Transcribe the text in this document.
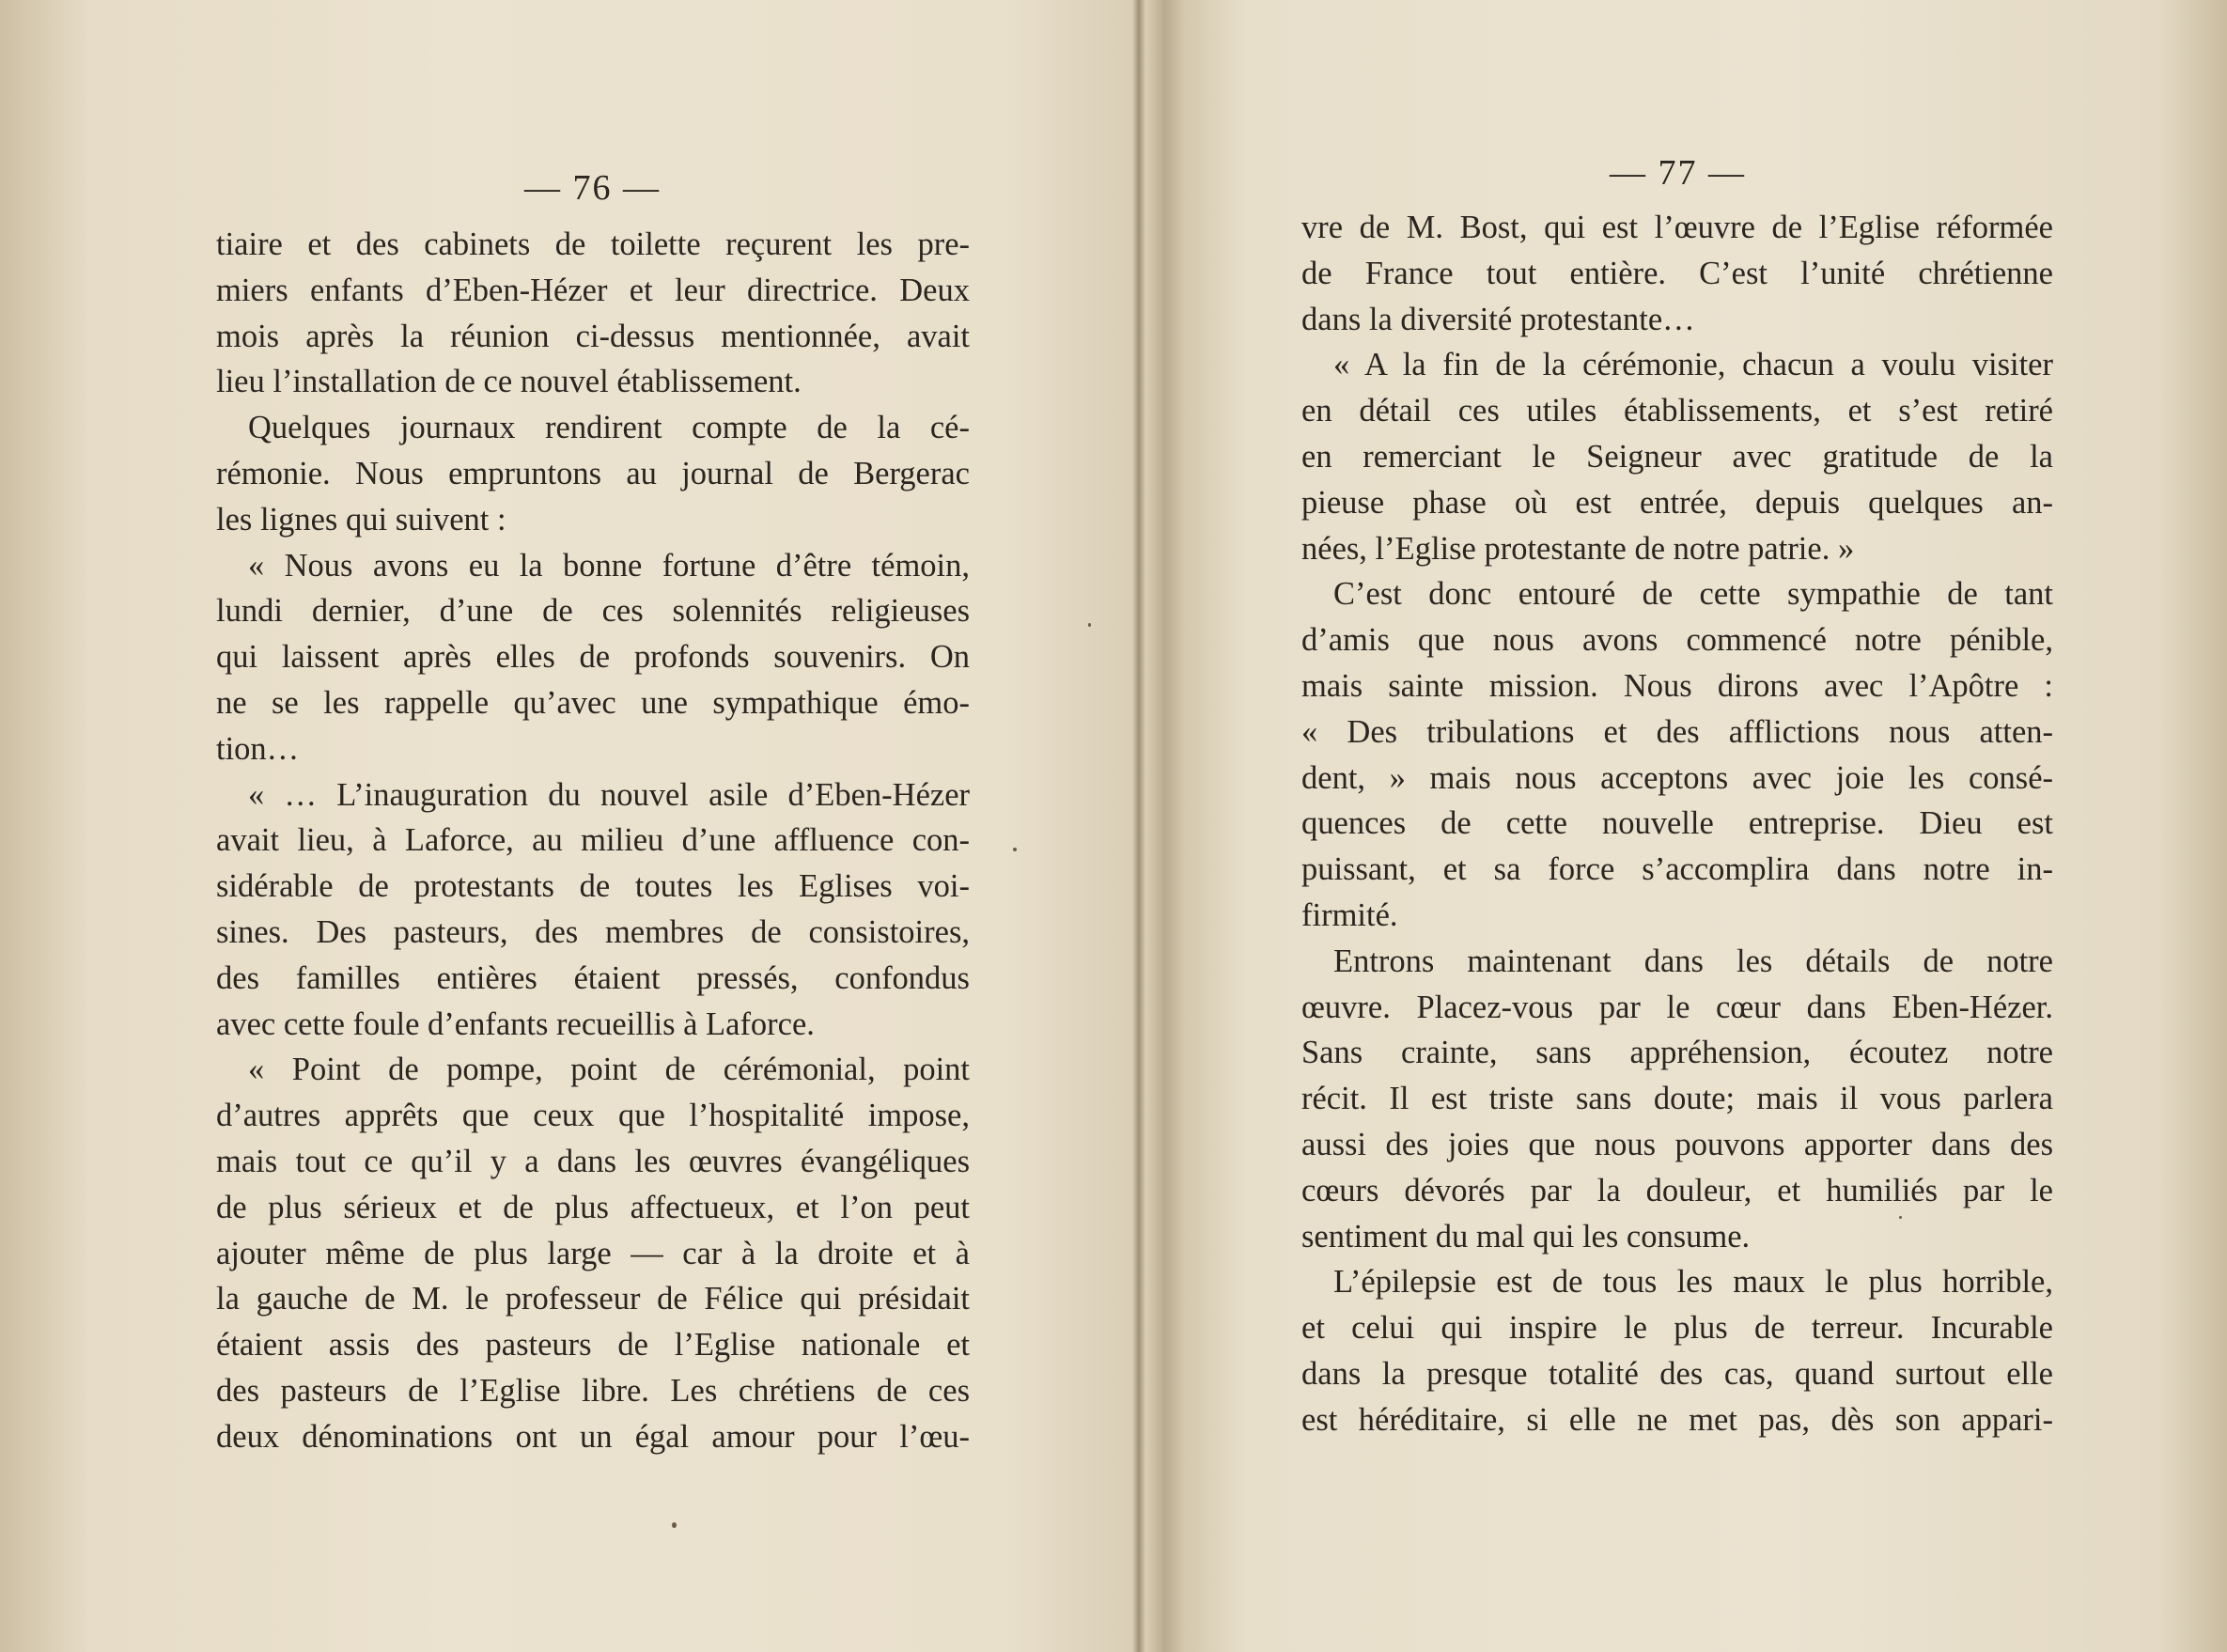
— 76 —
tiaire et des cabinets de toilette reçurent les pre-
miers enfants d’Eben-Hézer et leur directrice. Deux
mois après la réunion ci-dessus mentionnée, avait
lieu l’installation de ce nouvel établissement.
Quelques journaux rendirent compte de la cé-
rémonie. Nous empruntons au journal de Bergerac
les lignes qui suivent :
« Nous avons eu la bonne fortune d’être témoin,
lundi dernier, d’une de ces solennités religieuses
qui laissent après elles de profonds souvenirs. On
ne se les rappelle qu’avec une sympathique émo-
tion…
« … L’inauguration du nouvel asile d’Eben-Hézer
avait lieu, à Laforce, au milieu d’une affluence con-
sidérable de protestants de toutes les Eglises voi-
sines. Des pasteurs, des membres de consistoires,
des familles entières étaient pressés, confondus
avec cette foule d’enfants recueillis à Laforce.
« Point de pompe, point de cérémonial, point
d’autres apprêts que ceux que l’hospitalité impose,
mais tout ce qu’il y a dans les œuvres évangéliques
de plus sérieux et de plus affectueux, et l’on peut
ajouter même de plus large — car à la droite et à
la gauche de M. le professeur de Félice qui présidait
étaient assis des pasteurs de l’Eglise nationale et
des pasteurs de l’Eglise libre. Les chrétiens de ces
deux dénominations ont un égal amour pour l’œu-
— 77 —
vre de M. Bost, qui est l’œuvre de l’Eglise réformée
de France tout entière. C’est l’unité chrétienne
dans la diversité protestante…
« A la fin de la cérémonie, chacun a voulu visiter
en détail ces utiles établissements, et s’est retiré
en remerciant le Seigneur avec gratitude de la
pieuse phase où est entrée, depuis quelques an-
nées, l’Eglise protestante de notre patrie. »
C’est donc entouré de cette sympathie de tant
d’amis que nous avons commencé notre pénible,
mais sainte mission. Nous dirons avec l’Apôtre :
« Des tribulations et des afflictions nous atten-
dent, » mais nous acceptons avec joie les consé-
quences de cette nouvelle entreprise. Dieu est
puissant, et sa force s’accomplira dans notre in-
firmité.
Entrons maintenant dans les détails de notre
œuvre. Placez-vous par le cœur dans Eben-Hézer.
Sans crainte, sans appréhension, écoutez notre
récit. Il est triste sans doute; mais il vous parlera
aussi des joies que nous pouvons apporter dans des
cœurs dévorés par la douleur, et humiliés par le
sentiment du mal qui les consume.
L’épilepsie est de tous les maux le plus horrible,
et celui qui inspire le plus de terreur. Incurable
dans la presque totalité des cas, quand surtout elle
est héréditaire, si elle ne met pas, dès son appari-
